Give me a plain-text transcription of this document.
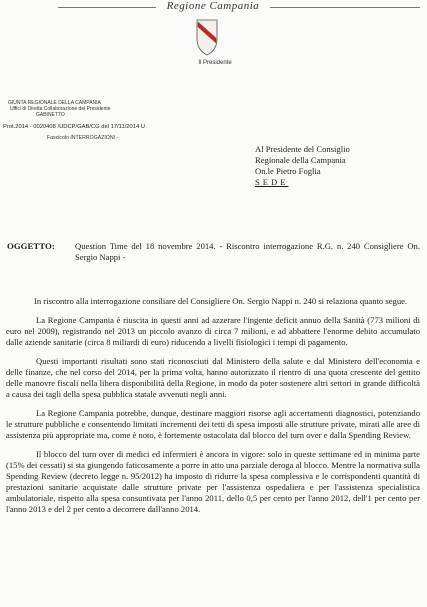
Regione Campania
Il Presidente
GIUNTA REGIONALE DELLA CAMPANIA
Uffici di Diretta Collaborazione del Presidente
GABINETTO
Prot.2014 - 0020408 /UDCP/GAB/CG del 17/11/2014 U
Fascicolo INTERROGAZIONI -
Al Presidente del Consiglio
Regionale della Campania
On.le Pietro Foglia
SEDE
OGGETTO: Question Time del 18 novembre 2014. - Riscontro interrogazione R.G. n. 240 Consigliere On. Sergio Nappi -

In riscontro alla interrogazione consiliare del Consigliere On. Sergio Nappi n. 240 si relaziona quanto segue.

La Regione Campania è riuscita in questi anni ad azzerare l'ingente deficit annuo della Sanità (773 milioni di euro nel 2009), registrando nel 2013 un piccolo avanzo di circa 7 milioni, e ad abbattere l'enorme debito accumulato dalle aziende sanitarie (circa 8 miliardi di euro) riducendo a livelli fisiologici i tempi di pagamento.

Questi importanti risultati sono stati riconosciuti dal Ministero della salute e dal Ministero dell'economia e delle finanze, che nel corso del 2014, per la prima volta, hanno autorizzato il rientro di una quota crescente del gettito delle manovre fiscali nella libera disponibilità della Regione, in modo da poter sostenere altri settori in grande difficoltà a causa dei tagli della spesa pubblica statale avvenuti negli anni.

La Regione Campania potrebbe, dunque, destinare maggiori risorse agli accertamenti diagnostici, potenziando le strutture pubbliche e consentendo limitati incrementi dei tetti di spesa imposti alle strutture private, mirati alle aree di assistenza più appropriate ma, come è noto, è fortemente ostacolata dal blocco del turn over e dalla Spending Review.

Il blocco del turn over di medici ed infermieri è ancora in vigore: solo in queste settimane ed in minima parte (15% dei cessati) si sta giungendo faticosamente a porre in atto una parziale deroga al blocco. Mentre la normativa sulla Spending Review (decreto legge n. 95/2012) ha imposto di ridurre la spesa complessiva e le corrispondenti quantità di prestazioni sanitarie acquistate dalle strutture private per l'assistenza ospedaliera e per l'assistenza specialistica ambulatoriale, rispetto alla spesa consuntivata per l'anno 2011, dello 0,5 per cento per l'anno 2012, dell'1 per cento per l'anno 2013 e del 2 per cento a decorrere dall'anno 2014.
